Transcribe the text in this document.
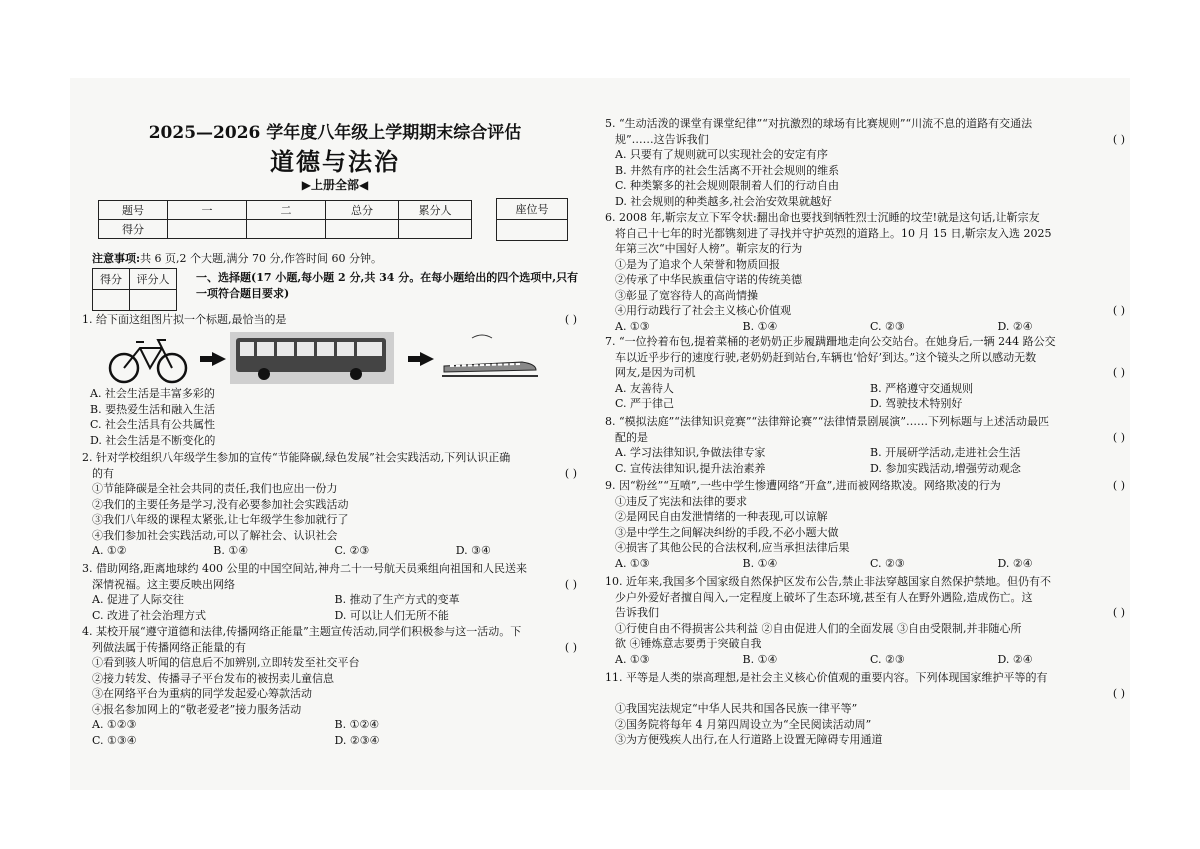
2025—2026 学年度八年级上学期期末综合评估
道德与法治
▶上册全部◀
题号	一	二	总分	累分人
得分				
座位号

注意事项:共 6 页,2 个大题,满分 70 分,作答时间 60 分钟。
得分	评分人
	一、选择题(17 小题,每小题 2 分,共 34 分。在每小题给出的四个选项中,只有一项符合题目要求)
1. 给下面这组图片拟一个标题,最恰当的是	( )
A. 社会生活是丰富多彩的
B. 要热爱生活和融入生活
C. 社会生活具有公共属性
D. 社会生活是不断变化的
2. 针对学校组织八年级学生参加的宣传“节能降碳,绿色发展”社会实践活动,下列认识正确
的有	( )
①节能降碳是全社会共同的责任,我们也应出一份力
②我们的主要任务是学习,没有必要参加社会实践活动
③我们八年级的课程太紧张,让七年级学生参加就行了
④我们参加社会实践活动,可以了解社会、认识社会
A. ①②	B. ①④	C. ②③	D. ③④
3. 借助网络,距离地球约 400 公里的中国空间站,神舟二十一号航天员乘组向祖国和人民送来
深情祝福。这主要反映出网络	( )
A. 促进了人际交往	B. 推动了生产方式的变革
C. 改进了社会治理方式	D. 可以让人们无所不能
4. 某校开展“遵守道德和法律,传播网络正能量”主题宣传活动,同学们积极参与这一活动。下
列做法属于传播网络正能量的有	( )
①看到骇人听闻的信息后不加辨别,立即转发至社交平台
②接力转发、传播寻子平台发布的被拐卖儿童信息
③在网络平台为重病的同学发起爱心筹款活动
④报名参加网上的“敬老爱老”接力服务活动
A. ①②③	B. ①②④
C. ①③④	D. ②③④
5. “生动活泼的课堂有课堂纪律”“对抗激烈的球场有比赛规则”“川流不息的道路有交通法
规”……这告诉我们	( )
A. 只要有了规则就可以实现社会的安定有序
B. 井然有序的社会生活离不开社会规则的维系
C. 种类繁多的社会规则限制着人们的行动自由
D. 社会规则的种类越多,社会治安效果就越好
6. 2008 年,靳宗友立下军令状:翻出命也要找到牺牲烈士沉睡的坟茔!就是这句话,让靳宗友
将自己十七年的时光都镌刻进了寻找并守护英烈的道路上。10 月 15 日,靳宗友入选 2025
年第三次“中国好人榜”。靳宗友的行为
①是为了追求个人荣誉和物质回报
②传承了中华民族重信守诺的传统美德
③彰显了宽容待人的高尚情操
④用行动践行了社会主义核心价值观
A. ①③	B. ①④	C. ②③	D. ②④
( )
7. “一位拎着布包,提着菜桶的老奶奶正步履蹒跚地走向公交站台。在她身后,一辆 244 路公交
车以近乎步行的速度行驶,老奶奶赶到站台,车辆也‘恰好’到达。”这个镜头之所以感动无数
网友,是因为司机	( )
A. 友善待人	B. 严格遵守交通规则
C. 严于律己	D. 驾驶技术特别好
8. “模拟法庭”“法律知识竞赛”“法律辩论赛”“法律情景剧展演”……下列标题与上述活动最匹
配的是	( )
A. 学习法律知识,争做法律专家	B. 开展研学活动,走进社会生活
C. 宣传法律知识,提升法治素养	D. 参加实践活动,增强劳动观念
9. 因“粉丝”“互喷”,一些中学生惨遭网络“开盒”,进而被网络欺凌。网络欺凌的行为	( )
①违反了宪法和法律的要求
②是网民自由发泄情绪的一种表现,可以谅解
③是中学生之间解决纠纷的手段,不必小题大做
④损害了其他公民的合法权利,应当承担法律后果
A. ①③	B. ①④	C. ②③	D. ②④
10. 近年来,我国多个国家级自然保护区发布公告,禁止非法穿越国家自然保护禁地。但仍有不
少户外爱好者擅自闯入,一定程度上破坏了生态环境,甚至有人在野外遇险,造成伤亡。这
告诉我们	( )
①行使自由不得损害公共利益 ②自由促进人们的全面发展 ③自由受限制,并非随心所
欲 ④锤炼意志要勇于突破自我
A. ①③	B. ①④	C. ②③	D. ②④
11. 平等是人类的崇高理想,是社会主义核心价值观的重要内容。下列体现国家维护平等的有
( )
①我国宪法规定“中华人民共和国各民族一律平等”
②国务院将每年 4 月第四周设立为“全民阅读活动周”
③为方便残疾人出行,在人行道路上设置无障碍专用通道
